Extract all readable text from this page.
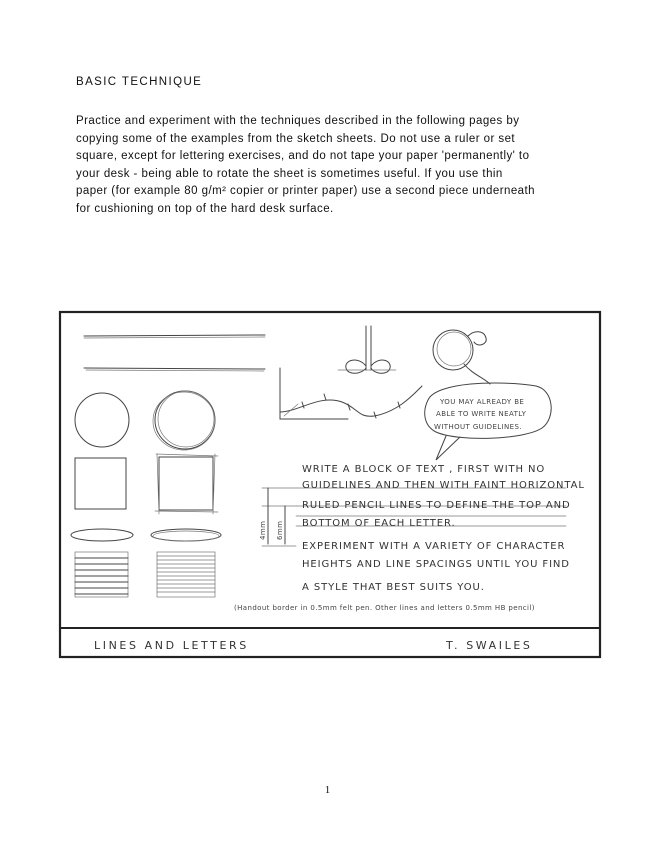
BASIC TECHNIQUE
Practice and experiment with the techniques described in the following pages by
copying some of the examples from the sketch sheets. Do not use a ruler or set
square, except for lettering exercises, and do not tape your paper 'permanently' to
your desk - being able to rotate the sheet is sometimes useful. If you use thin
paper (for example 80 g/m² copier or printer paper) use a second piece underneath
for cushioning on top of the hard desk surface.
YOU MAY ALREADY BE
ABLE TO WRITE NEATLY
WITHOUT GUIDELINES.
4mm 6mm
WRITE A BLOCK OF TEXT , FIRST WITH NO
GUIDELINES AND THEN WITH FAINT HORIZONTAL
RULED PENCIL LINES TO DEFINE THE TOP AND
BOTTOM OF EACH LETTER.
EXPERIMENT WITH A VARIETY OF CHARACTER
HEIGHTS AND LINE SPACINGS UNTIL YOU FIND
A STYLE THAT BEST SUITS YOU.
(Handout border in 0.5mm felt pen. Other lines and letters 0.5mm HB pencil)
LINES AND LETTERS	T. SWAILES
1
